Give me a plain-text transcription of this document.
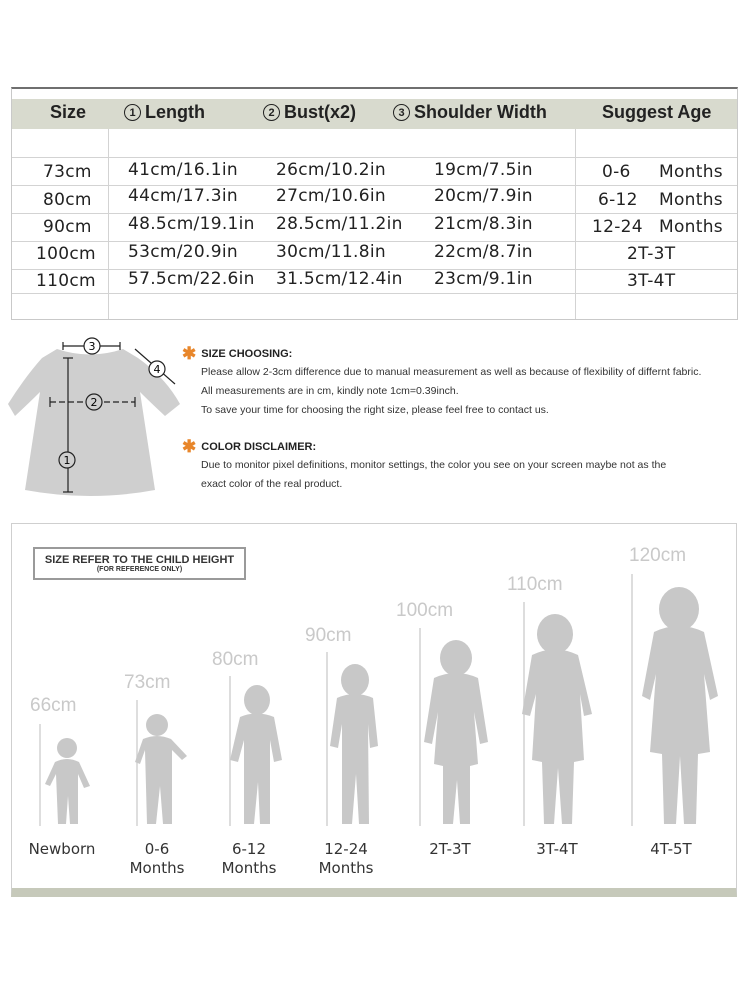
Size	1 Length	2 Bust(x2)	3 Shoulder Width	Suggest Age
73cm 41cm/16.1in 26cm/10.2in	19cm/7.5in	0-6 Months
80cm 44cm/17.3in 27cm/10.6in	20cm/7.9in	6-12 Months
90cm 48.5cm/19.1in 28.5cm/11.2in 21cm/8.3in	12-24 Months
100cm 53cm/20.9in 30cm/11.8in	22cm/8.7in	2T-3T
110cm 57.5cm/22.6in 31.5cm/12.4in 23cm/9.1in	3T-4T
3
2
1
4
✱ SIZE CHOOSING:

Please allow 2-3cm difference due to manual measurement as well as because of flexibility of differnt fabric.

All measurements are in cm, kindly note 1cm=0.39inch.

To save your time for choosing the right size, please feel free to contact us.

✱ COLOR DISCLAIMER:

Due to monitor pixel definitions, monitor settings, the color you see on your screen maybe not as the

exact color of the real product.

SIZE REFER TO THE CHILD HEIGHT
(FOR REFERENCE ONLY)
66cm
73cm
80cm
90cm
100cm
110cm
120cm
Newborn	0-6
Months
6-12
Months
12-24
Months
2T-3T	3T-4T	4T-5T
